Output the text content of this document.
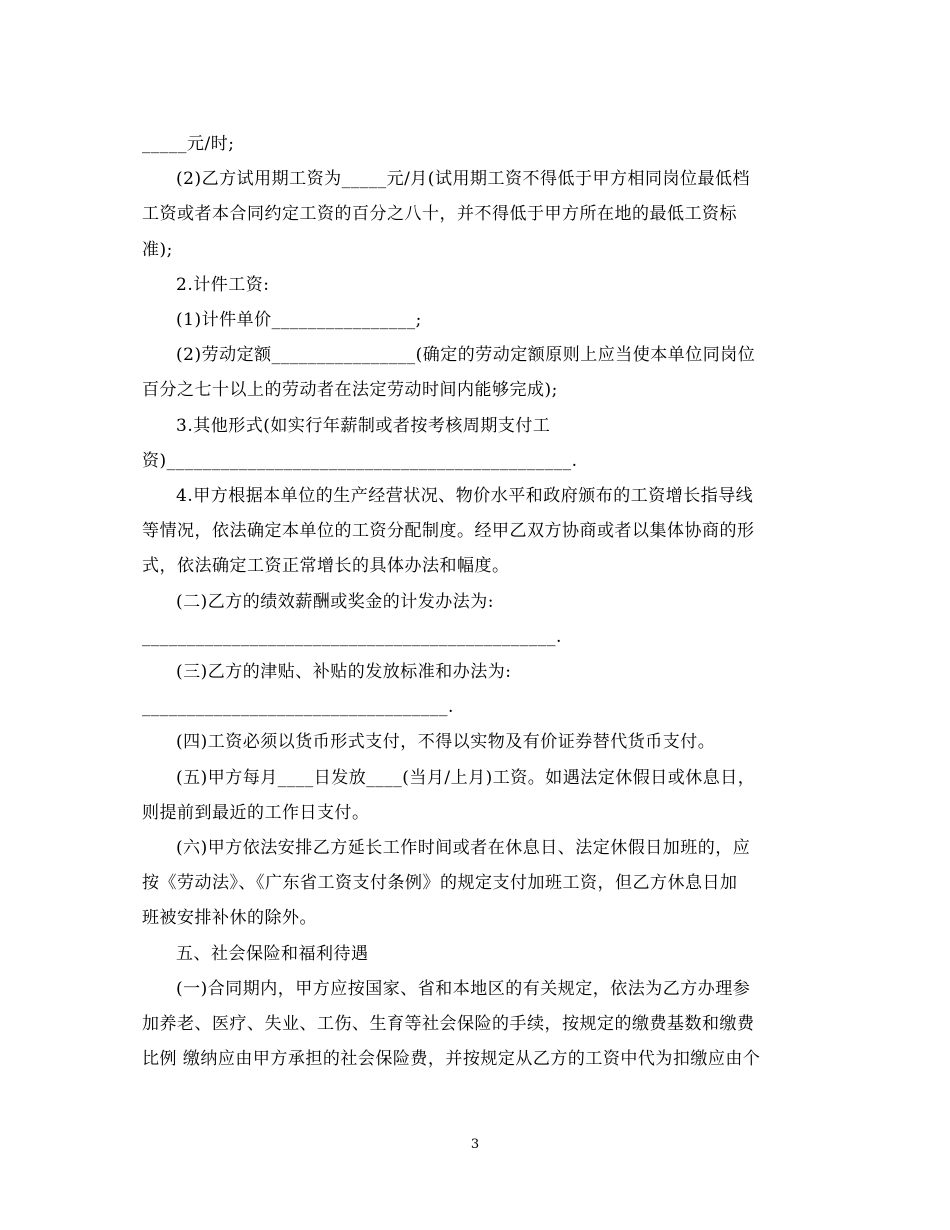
_____元/时;

(2)乙方试用期工资为_____元/月(试用期工资不得低于甲方相同岗位最低档

工资或者本合同约定工资的百分之八十，并不得低于甲方所在地的最低工资标

准);

2.计件工资:

(1)计件单价________________;

(2)劳动定额________________(确定的劳动定额原则上应当使本单位同岗位

百分之七十以上的劳动者在法定劳动时间内能够完成);

3.其他形式(如实行年薪制或者按考核周期支付工

资)_____________________________________________.

4.甲方根据本单位的生产经营状况、物价水平和政府颁布的工资增长指导线

等情况，依法确定本单位的工资分配制度。经甲乙双方协商或者以集体协商的形

式，依法确定工资正常增长的具体办法和幅度。

(二)乙方的绩效薪酬或奖金的计发办法为:

______________________________________________.

(三)乙方的津贴、补贴的发放标准和办法为:

__________________________________.

(四)工资必须以货币形式支付，不得以实物及有价证券替代货币支付。

(五)甲方每月____日发放____(当月/上月)工资。如遇法定休假日或休息日，

则提前到最近的工作日支付。

(六)甲方依法安排乙方延长工作时间或者在休息日、法定休假日加班的，应

按《劳动法》、《广东省工资支付条例》的规定支付加班工资，但乙方休息日加

班被安排补休的除外。

五、社会保险和福利待遇

(一)合同期内，甲方应按国家、省和本地区的有关规定，依法为乙方办理参

加养老、医疗、失业、工伤、生育等社会保险的手续，按规定的缴费基数和缴费

比例 缴纳应由甲方承担的社会保险费，并按规定从乙方的工资中代为扣缴应由个

3
